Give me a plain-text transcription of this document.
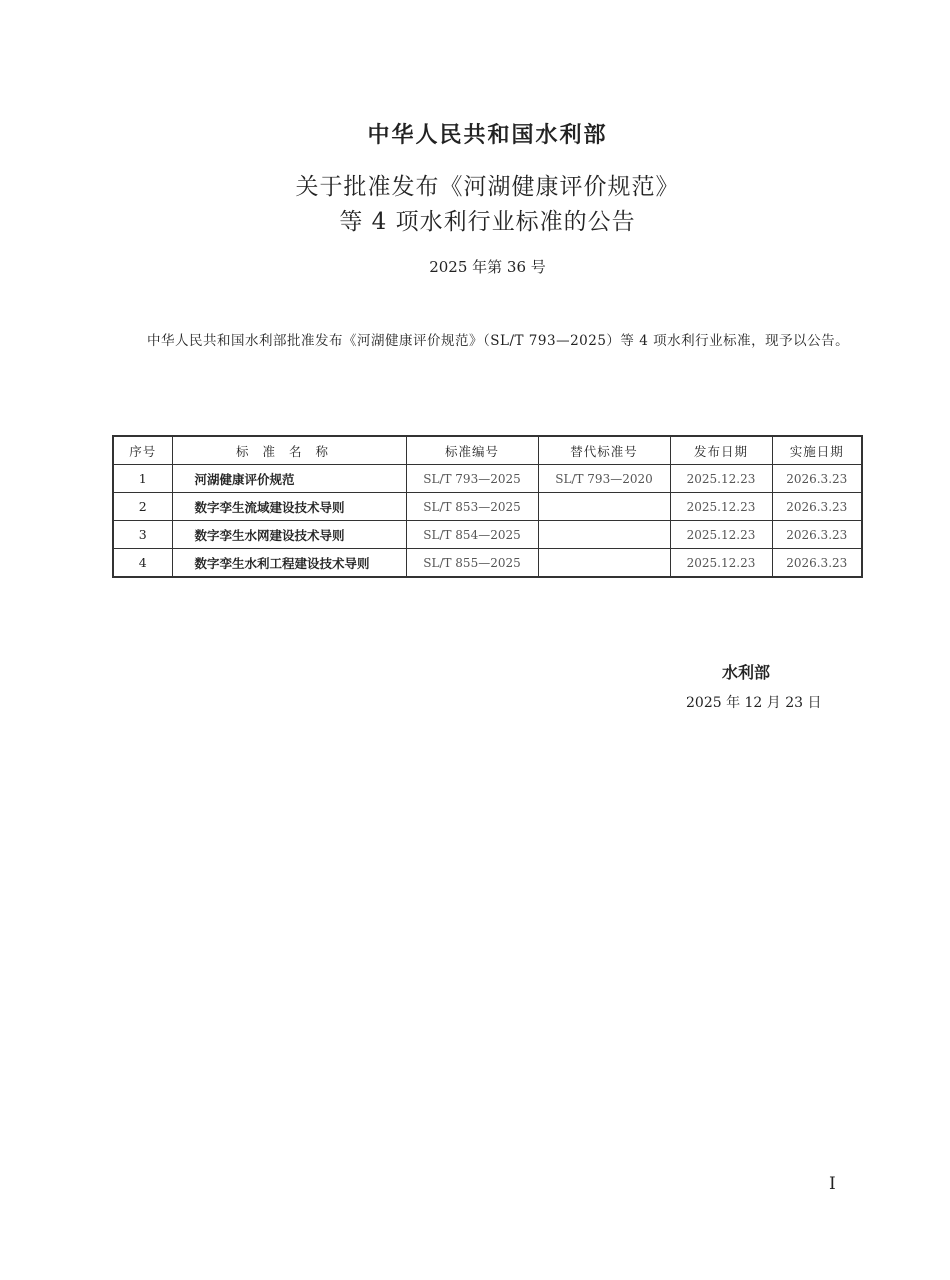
中华人民共和国水利部
关于批准发布《河湖健康评价规范》
等 4 项水利行业标准的公告
2025 年第 36 号
中华人民共和国水利部批准发布《河湖健康评价规范》（SL/T 793—2025）等 4 项水利行业标准，现予以公告。
序号	标准名称	标准编号	替代标准号	发布日期	实施日期
1	河湖健康评价规范	SL/T 793—2025	SL/T 793—2020	2025.12.23	2026.3.23
2	数字孪生流域建设技术导则	SL/T 853—2025		2025.12.23	2026.3.23
3	数字孪生水网建设技术导则	SL/T 854—2025		2025.12.23	2026.3.23
4	数字孪生水利工程建设技术导则	SL/T 855—2025		2025.12.23	2026.3.23
水利部
2025 年 12 月 23 日
I
